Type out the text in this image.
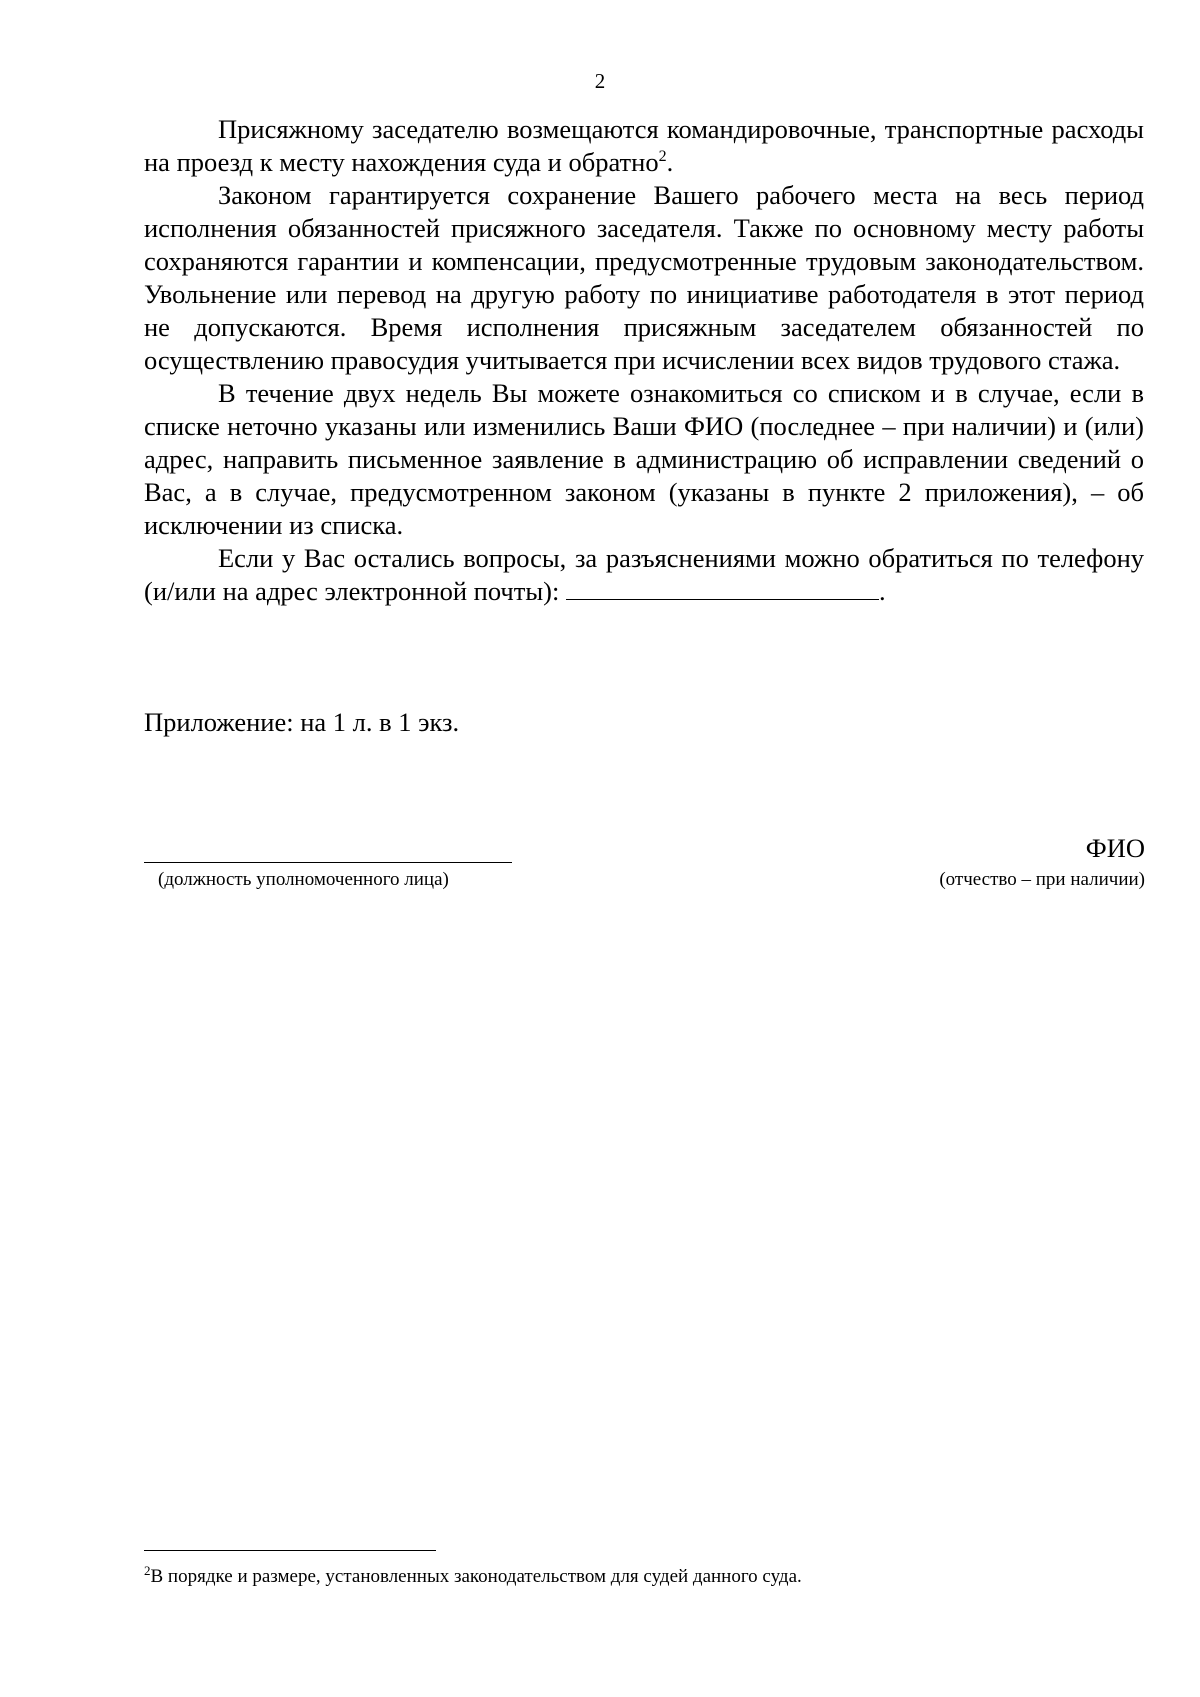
2

Присяжному заседателю возмещаются командировочные, транспортные расходы на проезд к месту нахождения суда и обратно$^2$.

Законом гарантируется сохранение Вашего рабочего места на весь период исполнения обязанностей присяжного заседателя. Также по основному месту работы сохраняются гарантии и компенсации, предусмотренные трудовым законодательством. Увольнение или перевод на другую работу по инициативе работодателя в этот период не допускаются. Время исполнения присяжным заседателем обязанностей по осуществлению правосудия учитывается при исчислении всех видов трудового стажа.

В течение двух недель Вы можете ознакомиться со списком и в случае, если в списке неточно указаны или изменились Ваши ФИО (последнее – при наличии) и (или) адрес, направить письменное заявление в администрацию об исправлении сведений о Вас, а в случае, предусмотренном законом (указаны в пункте 2 приложения), – об исключении из списка.

Если у Вас остались вопросы, за разъяснениями можно обратиться по телефону (и/или на адрес электронной почты):	.

Приложение: на 1 л. в 1 экз.
(должность уполномоченного лица)
ФИО
(отчество – при наличии)
$^2$В порядке и размере, установленных законодательством для судей данного суда.
